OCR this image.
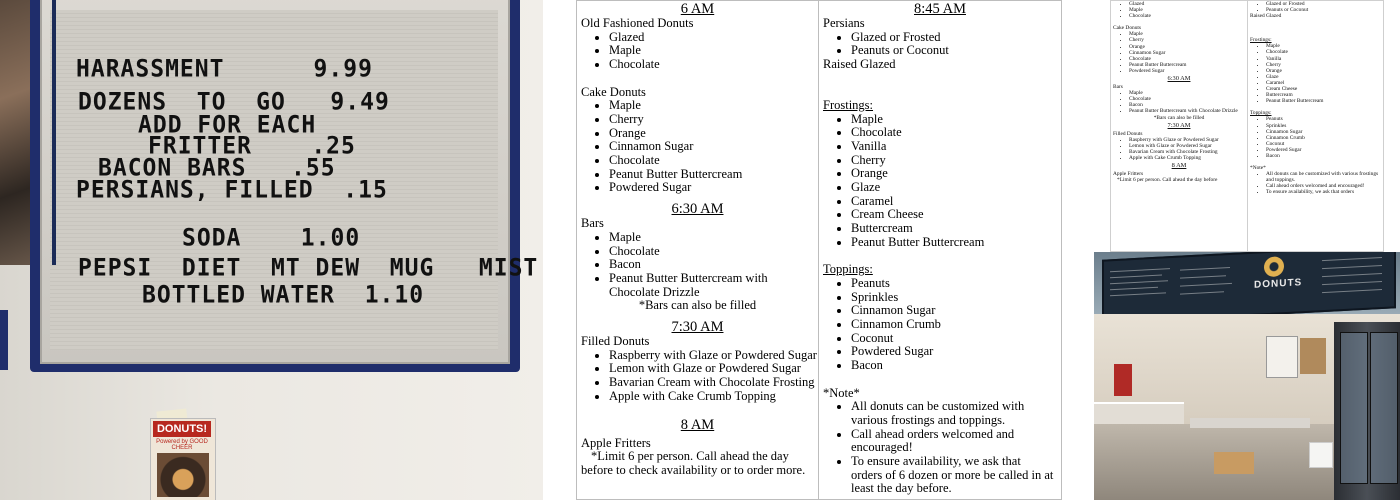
HARASSMENT      9.99
DOZENS  TO  GO   9.49
ADD FOR EACH
FRITTER    .25
BACON BARS   .55
PERSIANS, FILLED  .15
SODA    1.00
PEPSI  DIET  MT DEW  MUG   MIST
BOTTLED WATER  1.10
DONUTS!
Powered by GOOD CHEER

6 AM

Old Fashioned Donuts

• Glazed
• Maple
• Chocolate

Cake Donuts

• Maple
• Cherry
• Orange
• Cinnamon Sugar
• Chocolate
• Peanut Butter Buttercream
• Powdered Sugar

6:30 AM

Bars

• Maple
• Chocolate
• Bacon
• Peanut Butter Buttercream with Chocolate Drizzle

*Bars can also be filled

7:30 AM

Filled Donuts

• Raspberry with Glaze or Powdered Sugar
• Lemon with Glaze or Powdered Sugar
• Bavarian Cream with Chocolate Frosting
• Apple with Cake Crumb Topping

8 AM

Apple Fritters

*Limit 6 per person. Call ahead the day before to check availability or to order more.

8:45 AM

Persians

• Glazed or Frosted
• Peanuts or Coconut

Raised Glazed

Frostings:

• Maple
• Chocolate
• Vanilla
• Cherry
• Orange
• Glaze
• Caramel
• Cream Cheese
• Buttercream
• Peanut Butter Buttercream

Toppings:

• Peanuts
• Sprinkles
• Cinnamon Sugar
• Cinnamon Crumb
• Coconut
• Powdered Sugar
• Bacon

*Note*

• All donuts can be customized with various frostings and toppings.
• Call ahead orders welcomed and encouraged!
• To ensure availability, we ask that orders of 6 dozen or more be called in at least the day before.
• Glazed
• Maple
• Chocolate

Cake Donuts

• Maple
• Cherry
• Orange
• Cinnamon Sugar
• Chocolate
• Peanut Butter Buttercream
• Powdered Sugar

6:30 AM

Bars

• Maple
• Chocolate
• Bacon
• Peanut Butter Buttercream with Chocolate Drizzle

*Bars can also be filled

7:30 AM

Filled Donuts

• Raspberry with Glaze or Powdered Sugar
• Lemon with Glaze or Powdered Sugar
• Bavarian Cream with Chocolate Frosting
• Apple with Cake Crumb Topping

8 AM

Apple Fritters

*Limit 6 per person. Call ahead the day before

• Glazed or Frosted
• Peanuts or Coconut

Raised Glazed

Frostings:

• Maple
• Chocolate
• Vanilla
• Cherry
• Orange
• Glaze
• Caramel
• Cream Cheese
• Buttercream
• Peanut Butter Buttercream

Toppings:

• Peanuts
• Sprinkles
• Cinnamon Sugar
• Cinnamon Crumb
• Coconut
• Powdered Sugar
• Bacon

*Note*

• All donuts can be customized with various frostings and toppings.
• Call ahead orders welcomed and encouraged!
• To ensure availability, we ask that orders
DONUTS
